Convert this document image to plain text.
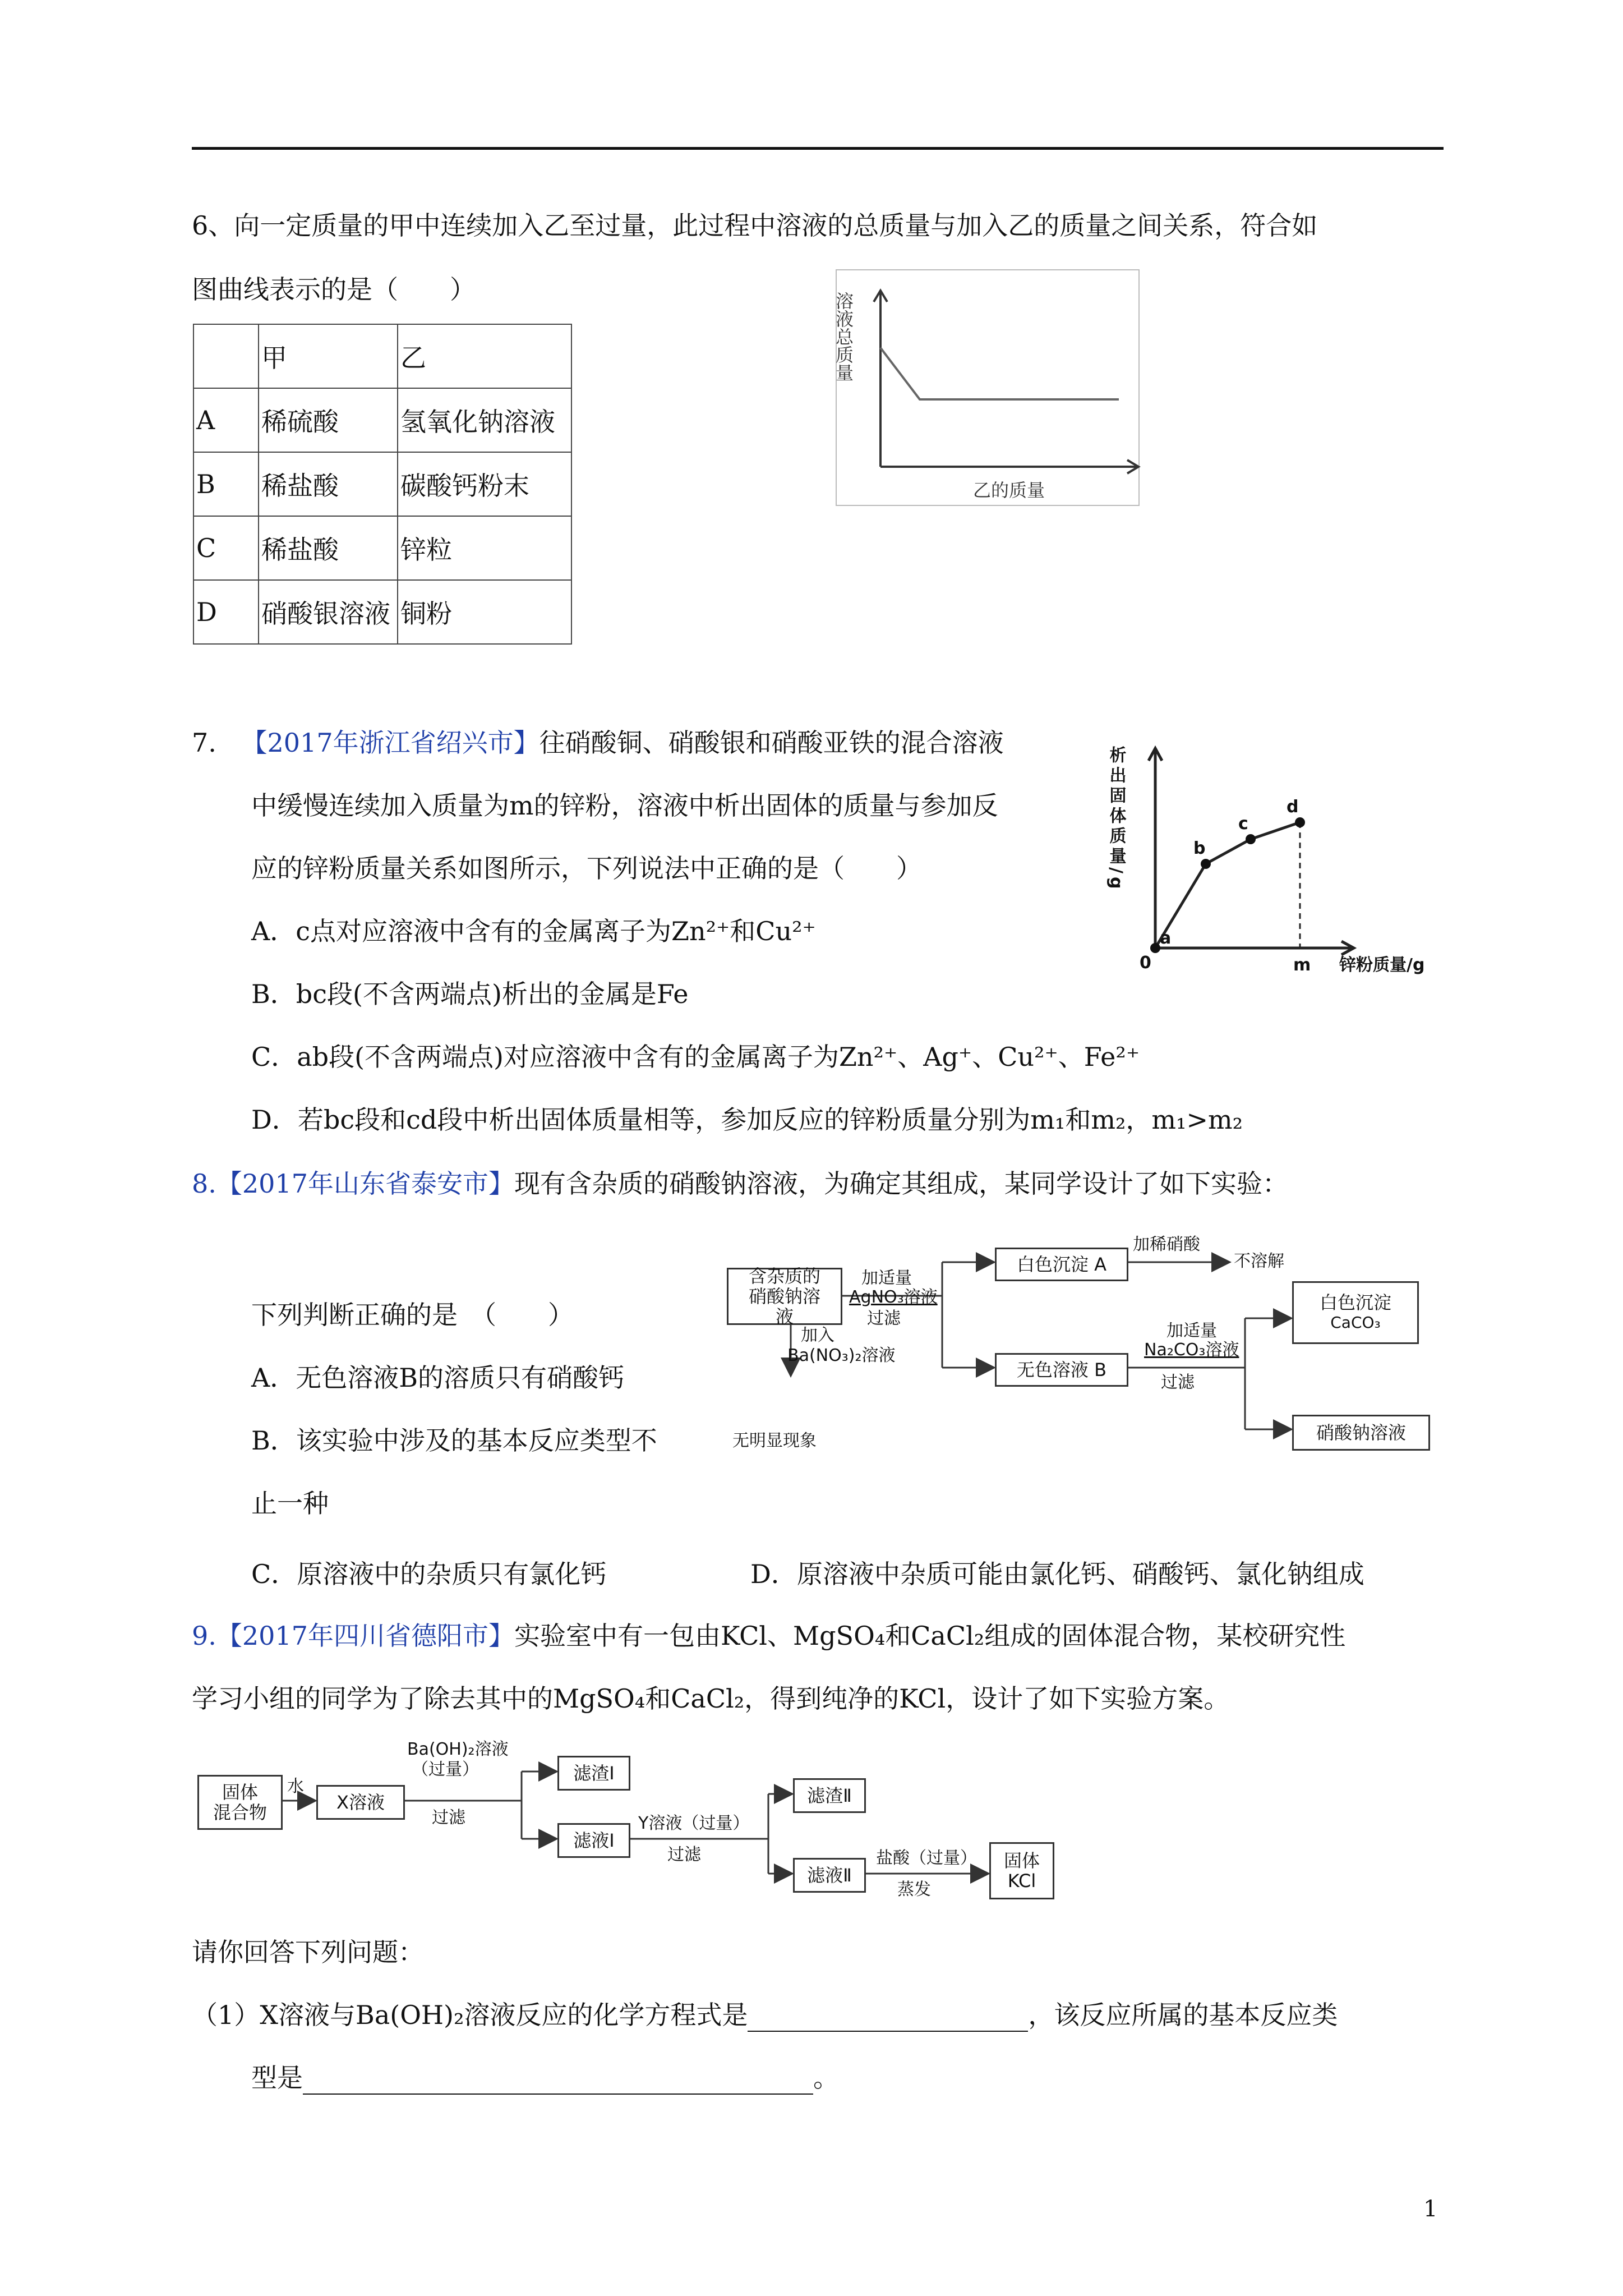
6、向一定质量的甲中连续加入乙至过量，此过程中溶液的总质量与加入乙的质量之间关系，符合如
图曲线表示的是（　　）
	甲	乙
A	稀硫酸	氢氧化钠溶液
B	稀盐酸	碳酸钙粉末
C	稀盐酸	锌粒
D	硝酸银溶液	铜粉
溶液总质量
乙的质量
7. 【2017年浙江省绍兴市】往硝酸铜、硝酸银和硝酸亚铁的混合溶液
中缓慢连续加入质量为m的锌粉，溶液中析出固体的质量与参加反
应的锌粉质量关系如图所示，下列说法中正确的是（　　）
A．c点对应溶液中含有的金属离子为Zn²⁺和Cu²⁺
B．bc段(不含两端点)析出的金属是Fe
C．ab段(不含两端点)对应溶液中含有的金属离子为Zn²⁺、Ag⁺、Cu²⁺、Fe²⁺
D．若bc段和cd段中析出固体质量相等，参加反应的锌粉质量分别为m₁和m₂，m₁>m₂
析出固体质量/g
a
b
c
d
0	m 锌粉质量/g
8.【2017年山东省泰安市】现有含杂质的硝酸钠溶液，为确定其组成，某同学设计了如下实验：
下列判断正确的是　（　　）
A．无色溶液B的溶质只有硝酸钙
B．该实验中涉及的基本反应类型不
止一种
C．原溶液中的杂质只有氯化钙	D．原溶液中杂质可能由氯化钙、硝酸钙、氯化钠组成
含杂质的硝酸钠溶液
加适量
AgNO₃溶液
过滤
白色沉淀 A
加稀硝酸
不溶解
无色溶液 B
加适量
Na₂CO₃溶液
过滤
白色沉淀
CaCO₃
硝酸钠溶液
加入
Ba(NO₃)₂溶液
无明显现象
9.【2017年四川省德阳市】实验室中有一包由KCl、MgSO₄和CaCl₂组成的固体混合物，某校研究性
学习小组的同学为了除去其中的MgSO₄和CaCl₂，得到纯净的KCl，设计了如下实验方案。
固体
混合物
水
X溶液
Ba(OH)₂溶液
（过量）
过滤
滤渣Ⅰ
滤液Ⅰ
Y溶液（过量）
过滤
滤渣Ⅱ
滤液Ⅱ
盐酸（过量）
蒸发
固体
KCl
请你回答下列问题：
（1）X溶液与Ba(OH)₂溶液反应的化学方程式是	，该反应所属的基本反应类
型是	。
1
